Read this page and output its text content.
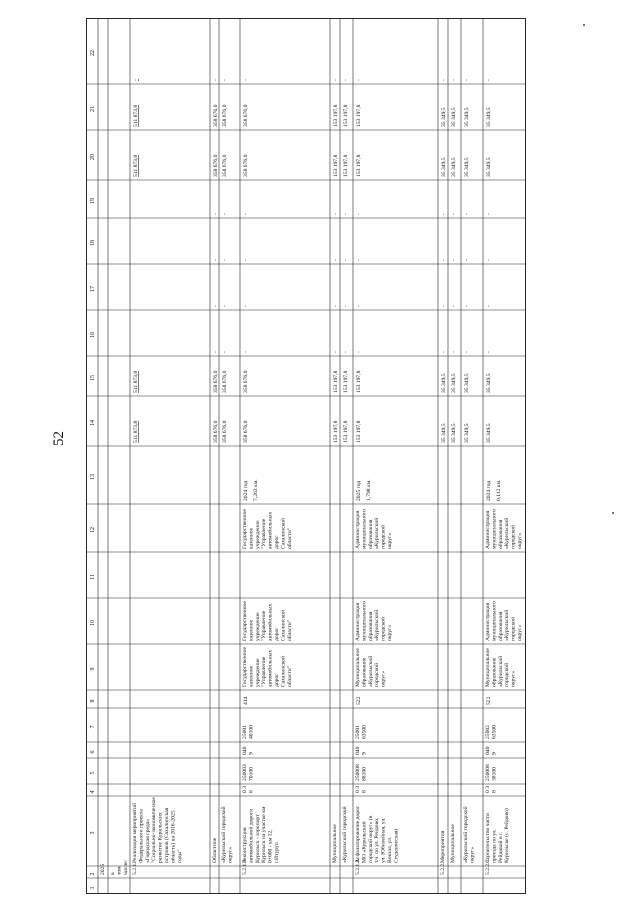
52
1
2
3
4
5
6
7
8
9
10
11
12
13
14
15
16
17
18
19
20
21
22
2025 в том числе: 5.2.1.
Реализация мероприятий Федерального проекта «Городская среда» "Социально-экономическое развитие Курильских островов (Сахалинская область) на 2016-2025 годы"
511 873,8
511 873,8
511 873,8
511 873,8
-
Областное
358 676,0
358 676,0
-
-
-
-
358 676,0
358 676,0
-
«Курильский городской округ»
358 676,0
358 676,0
-
-
-
-
358 676,0
358 676,0
-
5.2.1.1.
Реконструкция автомобильной дороги Курильск - аэропорт Курильск на участке км 0+000 - км 12, г.Итуруп
0 3 8
250003 70100
040 9
25001 40100
414
Государственное казенное учреждение "Управление автомобильных дорог Сахалинской области"
Государственное казенное учреждение "Управление автомобильных дорог Сахалинской области"
Государственное казенное учреждение "Управление автомобильных дорог Сахалинской области"
358 676,0
358 676,0
-
-
-
-
358 676,0
358 676,0
-
2024 год 7,263 км.
Муниципальное
153 197,8
153 197,8
-
-
-
-
153 197,8
153 197,8
-
«Курильский городской
153 197,8
153 197,8
-
-
-
-
153 197,8
153 197,8
-
5.2.1.2.
Асфальтирование дорог МО «Курильский городской округ» (в т.ч. по ул. Реидово, ул. Юбилейная, ул. Вокзал, ул. Студенческая)
0 3 8
250008 88100
040 9
25001 63500
522
Муниципальное образование «Курильский городской округ»
Администрация муниципального образования «Курильский городской округ»
Администрация муниципального образования «Курильский городской округ»
153 197,8
153 197,8
-
-
-
-
153 197,8
153 197,8
-
2025 год 1,798 км.
5.2.2.
Мероприятия
35 349,5
35 349,5
-
-
-
-
35 349,5
35 349,5
-
Муниципальное
35 349,5
35 349,5
-
-
-
-
35 349,5
35 349,5
-
«Курильский городской округ»
35 349,5
35 349,5
-
-
-
-
35 349,5
35 349,5
-
5.2.2.1.
Строительство части проезда по ул. Рейдовой в г. Курильске (с. Рейдово)
0 3 8
250008 38100
040 9
25002 63500
522
Муниципальное образование «Курильский городской округ»
Администрация муниципального образования «Курильский городской округ»
Администрация муниципального образования «Курильский городской округ»
35 349,5
35 349,5
-
-
-
-
35 349,5
35 349,5
-
2024 год 0,112 км.
